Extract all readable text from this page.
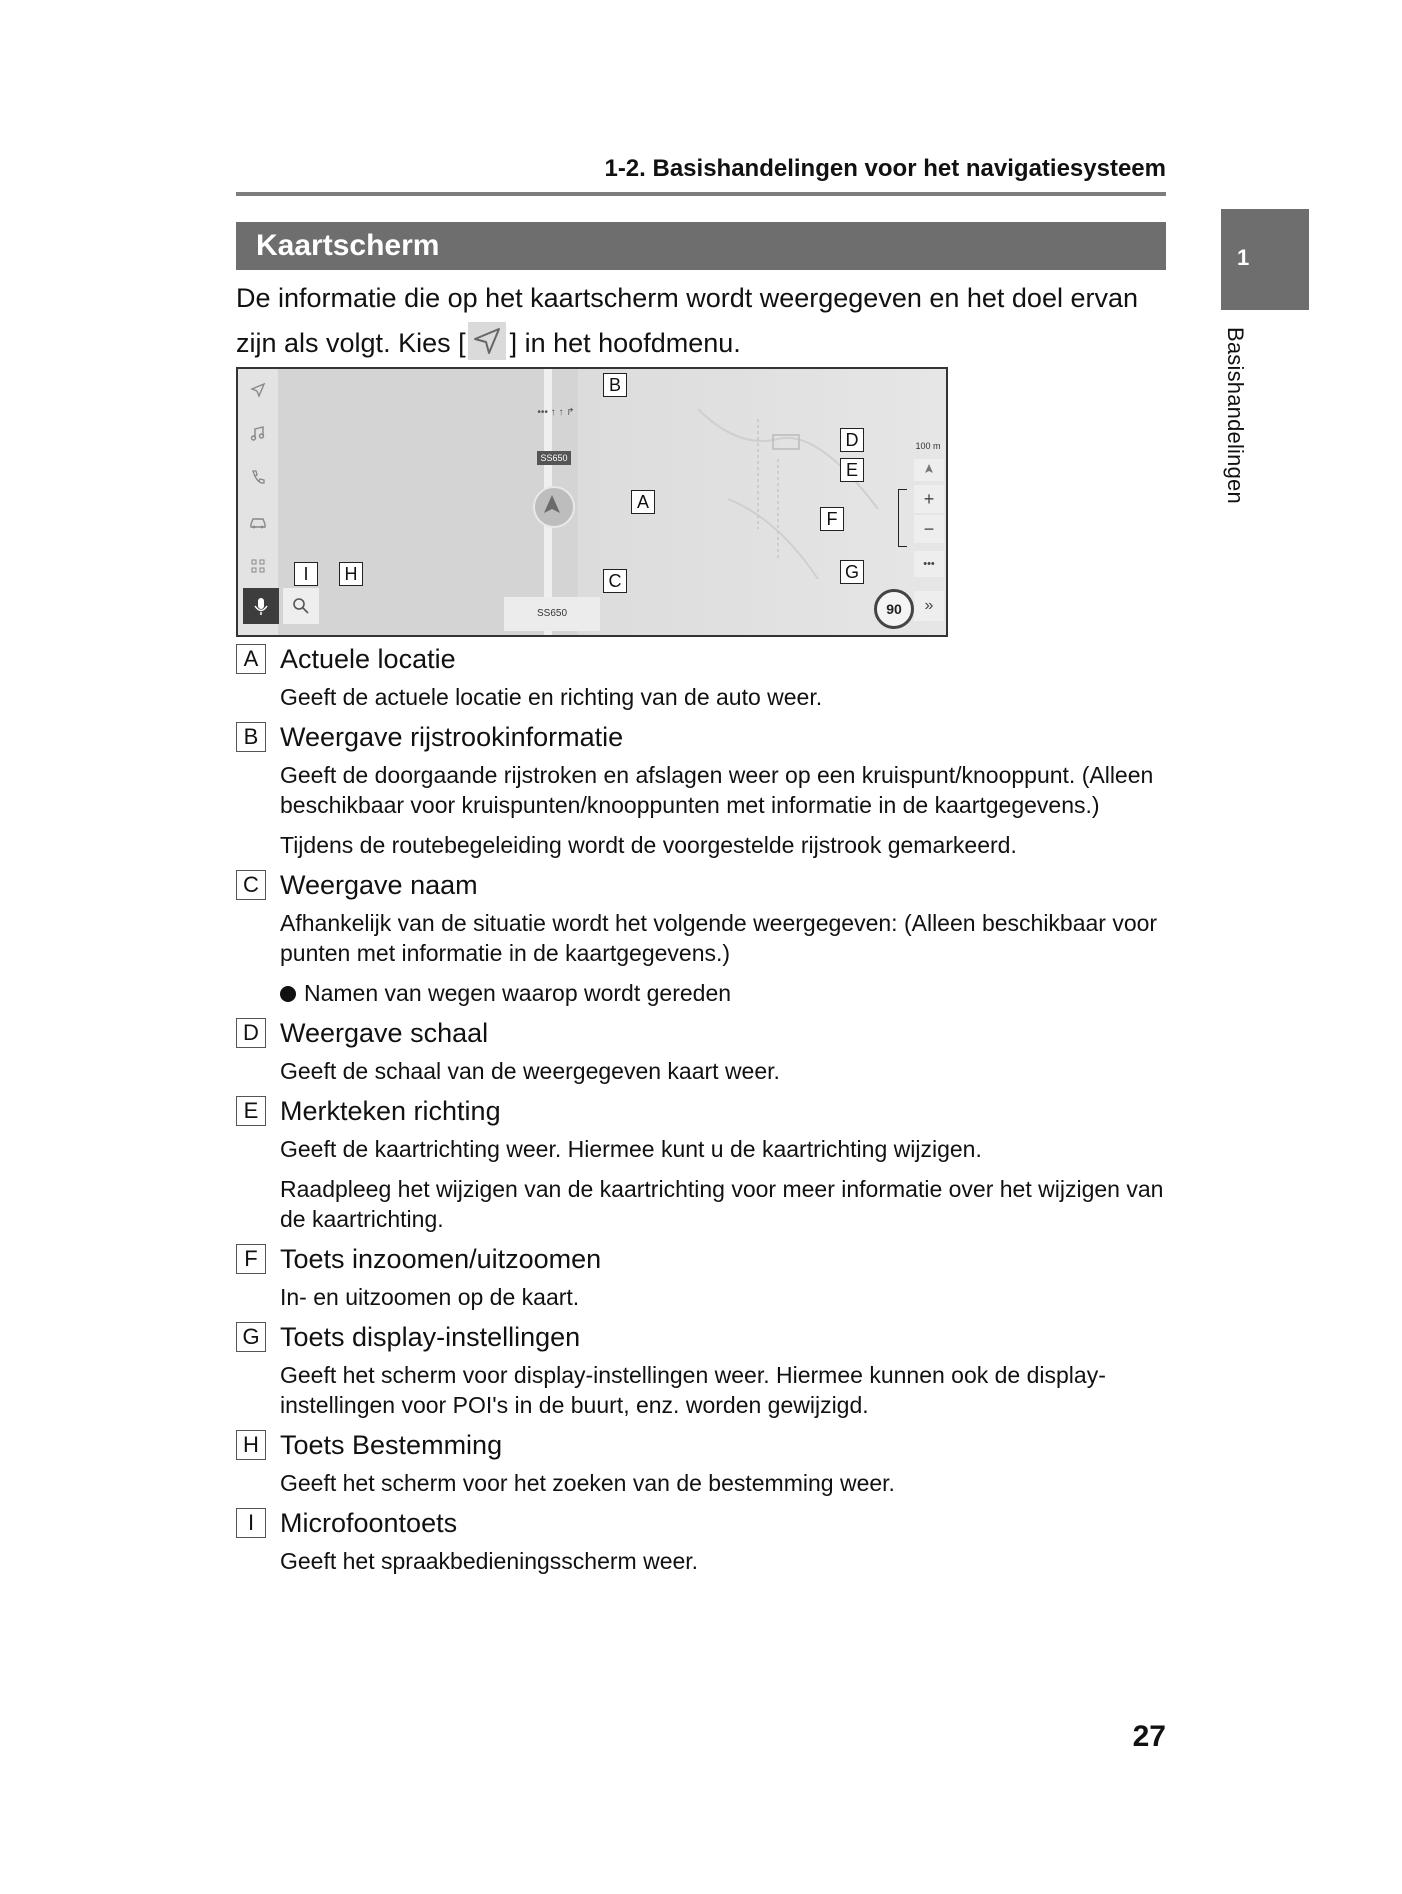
1-2. Basishandelingen voor het navigatiesysteem
1
Basishandelingen
Kaartscherm
De informatie die op het kaartscherm wordt weergegeven en het doel ervan zijn als volgt. Kies [ ] in het hoofdmenu.
••• ↑ ↑ ↱
SS650
SS650
100 m
+
−
•••
»
90
B
D
E
A
F
I	H	C	G
A Actuele locatie
Geeft de actuele locatie en richting van de auto weer.
B Weergave rijstrookinformatie
Geeft de doorgaande rijstroken en afslagen weer op een kruispunt/knooppunt. (Alleen beschikbaar voor kruispunten/knooppunten met informatie in de kaartgegevens.)
Tijdens de routebegeleiding wordt de voorgestelde rijstrook gemarkeerd.
C Weergave naam
Afhankelijk van de situatie wordt het volgende weergegeven: (Alleen beschikbaar voor punten met informatie in de kaartgegevens.)
Namen van wegen waarop wordt gereden
D Weergave schaal
Geeft de schaal van de weergegeven kaart weer.
E Merkteken richting
Geeft de kaartrichting weer. Hiermee kunt u de kaartrichting wijzigen.
Raadpleeg het wijzigen van de kaartrichting voor meer informatie over het wijzigen van de kaartrichting.
F Toets inzoomen/uitzoomen
In- en uitzoomen op de kaart.
G Toets display-instellingen
Geeft het scherm voor display-instellingen weer. Hiermee kunnen ook de display-instellingen voor POI's in de buurt, enz. worden gewijzigd.
H Toets Bestemming
Geeft het scherm voor het zoeken van de bestemming weer.
I Microfoontoets
Geeft het spraakbedieningsscherm weer.
27
